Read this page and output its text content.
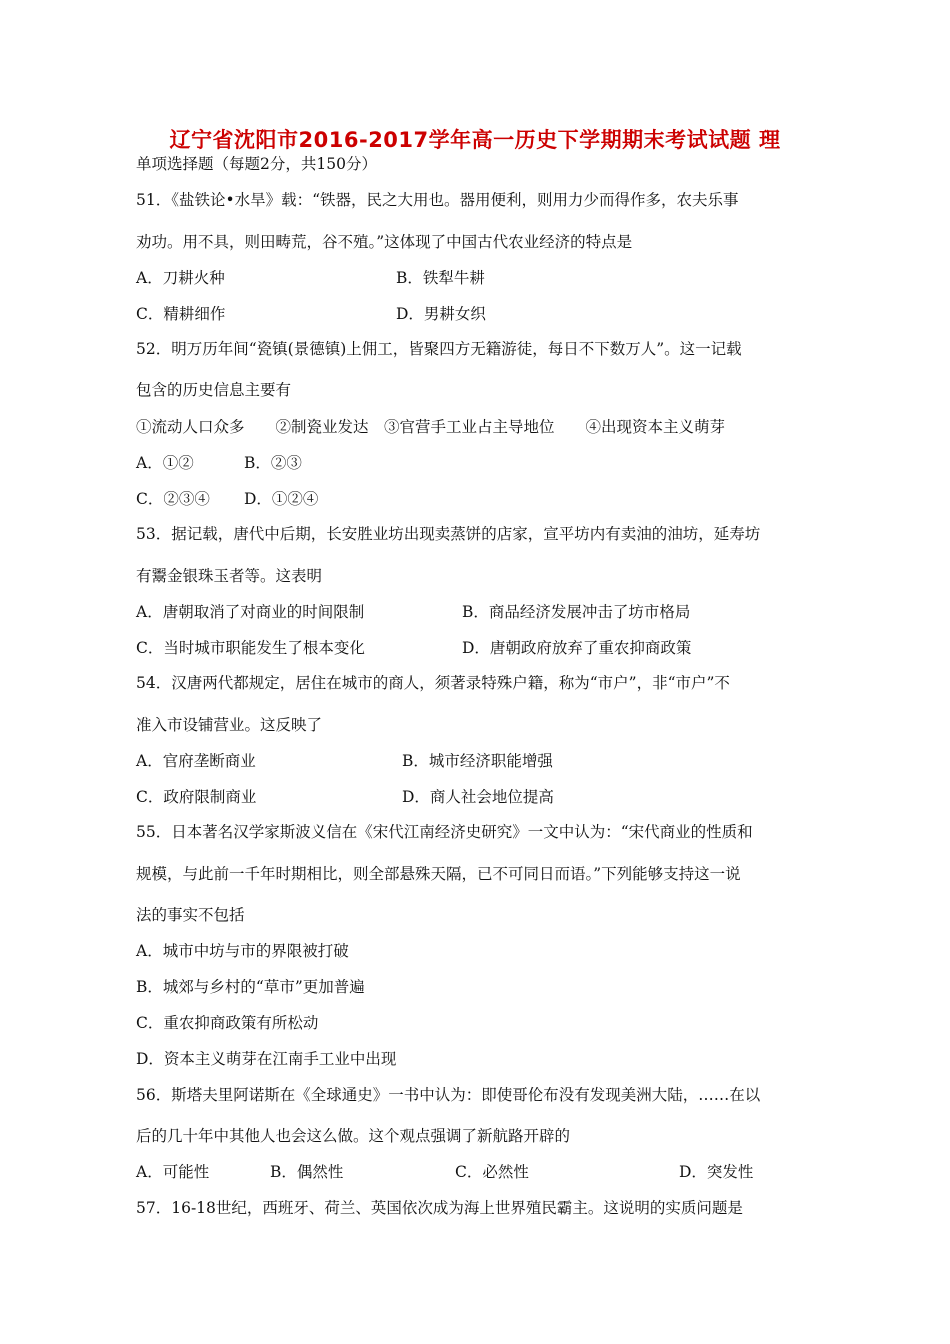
辽宁省沈阳市2016-2017学年高一历史下学期期末考试试题 理
单项选择题（每题2分，共150分）
51．《盐铁论•水旱》载：“铁器，民之大用也。器用便利，则用力少而得作多，农夫乐事
劝功。用不具，则田畴荒，谷不殖。”这体现了中国古代农业经济的特点是
A．刀耕火种	B．铁犁牛耕
C．精耕细作	D．男耕女织
52．明万历年间“瓷镇(景德镇)上佣工，皆聚四方无籍游徒，每日不下数万人”。这一记载
包含的历史信息主要有
①流动人口众多　　②制瓷业发达　③官营手工业占主导地位　　④出现资本主义萌芽
A．①②	B．②③
C．②③④ D．①②④
53．据记载，唐代中后期，长安胜业坊出现卖蒸饼的店家，宣平坊内有卖油的油坊，延寿坊
有鬻金银珠玉者等。这表明
A．唐朝取消了对商业的时间限制	B．商品经济发展冲击了坊市格局
C．当时城市职能发生了根本变化	D．唐朝政府放弃了重农抑商政策
54．汉唐两代都规定，居住在城市的商人，须著录特殊户籍，称为“市户”，非“市户”不
准入市设铺营业。这反映了
A．官府垄断商业	B．城市经济职能增强
C．政府限制商业	D．商人社会地位提高
55．日本著名汉学家斯波义信在《宋代江南经济史研究》一文中认为：“宋代商业的性质和
规模，与此前一千年时期相比，则全部悬殊天隔，已不可同日而语。”下列能够支持这一说
法的事实不包括
A．城市中坊与市的界限被打破
B．城郊与乡村的“草市”更加普遍
C．重农抑商政策有所松动
D．资本主义萌芽在江南手工业中出现
56．斯塔夫里阿诺斯在《全球通史》一书中认为：即使哥伦布没有发现美洲大陆，……在以
后的几十年中其他人也会这么做。这个观点强调了新航路开辟的
A．可能性	B．偶然性	C．必然性	D．突发性
57．16-18世纪，西班牙、荷兰、英国依次成为海上世界殖民霸主。这说明的实质问题是
